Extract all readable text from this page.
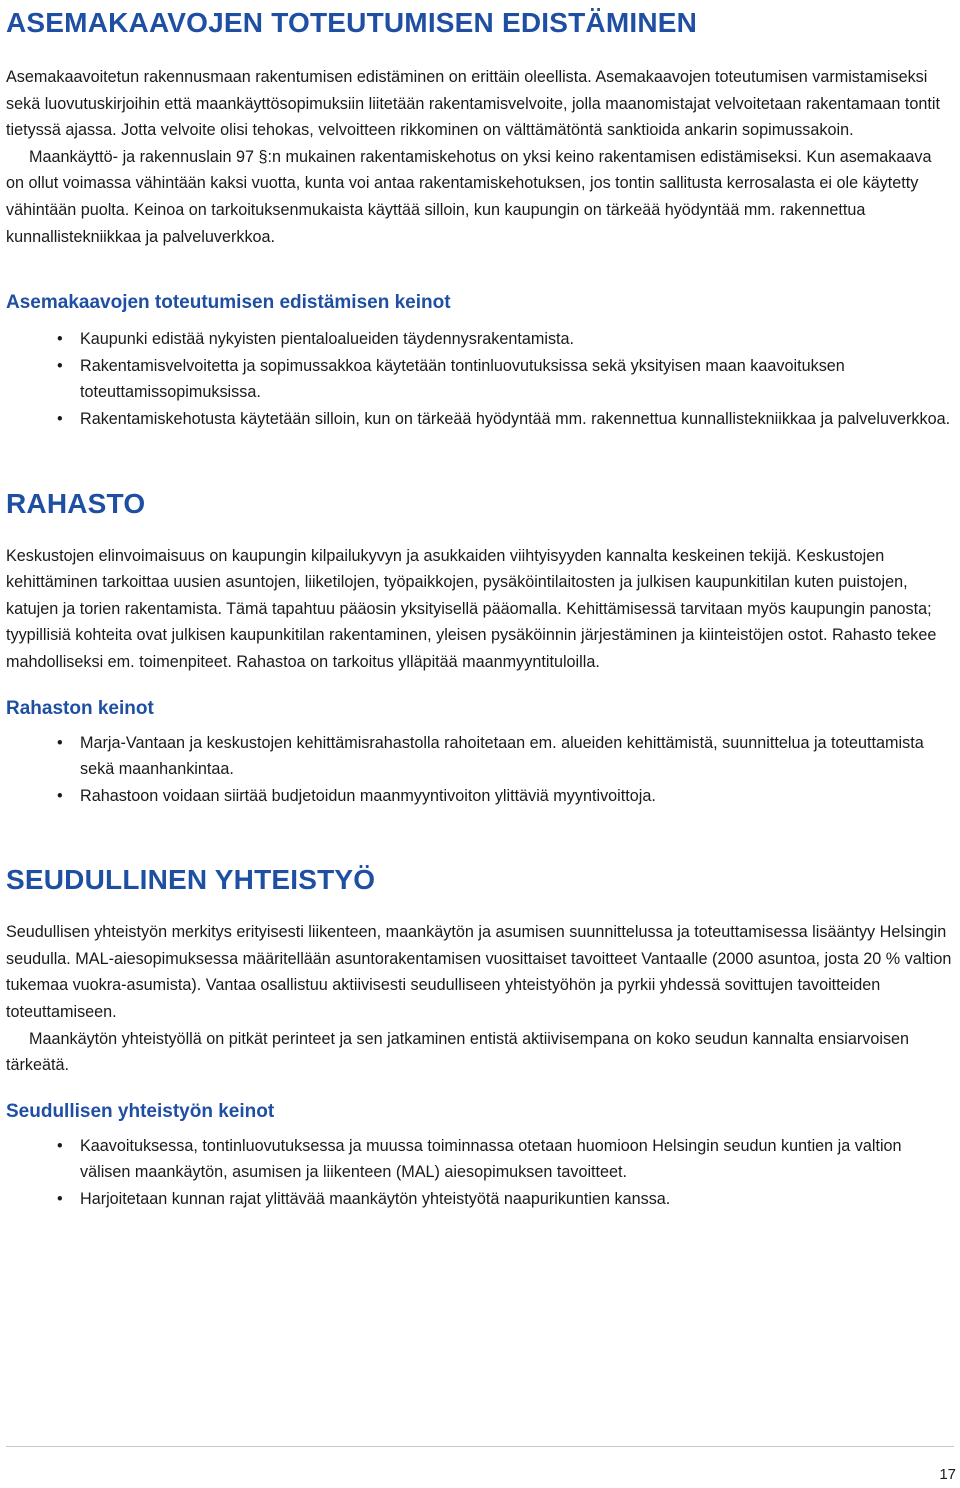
ASEMAKAAVOJEN TOTEUTUMISEN EDISTÄMINEN

Asemakaavoitetun rakennusmaan rakentumisen edistäminen on erittäin oleellista. Asemakaavojen toteutumisen varmistamiseksi sekä luovutuskirjoihin että maankäyttösopimuksiin liitetään rakentamisvelvoite, jolla maanomistajat velvoitetaan rakentamaan tontit tietyssä ajassa. Jotta velvoite olisi tehokas, velvoitteen rikkominen on välttämätöntä sanktioida ankarin sopimussakoin.

Maankäyttö- ja rakennuslain 97 §:n mukainen rakentamiskehotus on yksi keino rakentamisen edistämiseksi. Kun asemakaava on ollut voimassa vähintään kaksi vuotta, kunta voi antaa rakentamiskehotuksen, jos tontin sallitusta kerrosalasta ei ole käytetty vähintään puolta. Keinoa on tarkoituksenmukaista käyttää silloin, kun kaupungin on tärkeää hyödyntää mm. rakennettua kunnallistekniikkaa ja palveluverkkoa.

Asemakaavojen toteutumisen edistämisen keinot
• Kaupunki edistää nykyisten pientaloalueiden täydennysrakentamista.
• Rakentamisvelvoitetta ja sopimussakkoa käytetään tontinluovutuksissa sekä yksityisen maan kaavoituksen toteuttamissopimuksissa.
• Rakentamiskehotusta käytetään silloin, kun on tärkeää hyödyntää mm. rakennettua kunnallistekniikkaa ja palveluverkkoa.
RAHASTO

Keskustojen elinvoimaisuus on kaupungin kilpailukyvyn ja asukkaiden viihtyisyyden kannalta keskeinen tekijä. Keskustojen kehittäminen tarkoittaa uusien asuntojen, liiketilojen, työpaikkojen, pysäköintilaitosten ja julkisen kaupunkitilan kuten puistojen, katujen ja torien rakentamista. Tämä tapahtuu pääosin yksityisellä pääomalla. Kehittämisessä tarvitaan myös kaupungin panosta; tyypillisiä kohteita ovat julkisen kaupunkitilan rakentaminen, yleisen pysäköinnin järjestäminen ja kiinteistöjen ostot. Rahasto tekee mahdolliseksi em. toimenpiteet. Rahastoa on tarkoitus ylläpitää maanmyyntituloilla.

Rahaston keinot
• Marja-Vantaan ja keskustojen kehittämisrahastolla rahoitetaan em. alueiden kehittämistä, suunnittelua ja toteuttamista sekä maanhankintaa.
• Rahastoon voidaan siirtää budjetoidun maanmyyntivoiton ylittäviä myyntivoittoja.
SEUDULLINEN YHTEISTYÖ

Seudullisen yhteistyön merkitys erityisesti liikenteen, maankäytön ja asumisen suunnittelussa ja toteuttamisessa lisääntyy Helsingin seudulla. MAL-aiesopimuksessa määritellään asuntorakentamisen vuosittaiset tavoitteet Vantaalle (2000 asuntoa, josta 20 % valtion tukemaa vuokra-asumista). Vantaa osallistuu aktiivisesti seudulliseen yhteistyöhön ja pyrkii yhdessä sovittujen tavoitteiden toteuttamiseen.

Maankäytön yhteistyöllä on pitkät perinteet ja sen jatkaminen entistä aktiivisempana on koko seudun kannalta ensiarvoisen tärkeätä.

Seudullisen yhteistyön keinot
• Kaavoituksessa, tontinluovutuksessa ja muussa toiminnassa otetaan huomioon Helsingin seudun kuntien ja valtion välisen maankäytön, asumisen ja liikenteen (MAL) aiesopimuksen tavoitteet.
• Harjoitetaan kunnan rajat ylittävää maankäytön yhteistyötä naapurikuntien kanssa.
17
